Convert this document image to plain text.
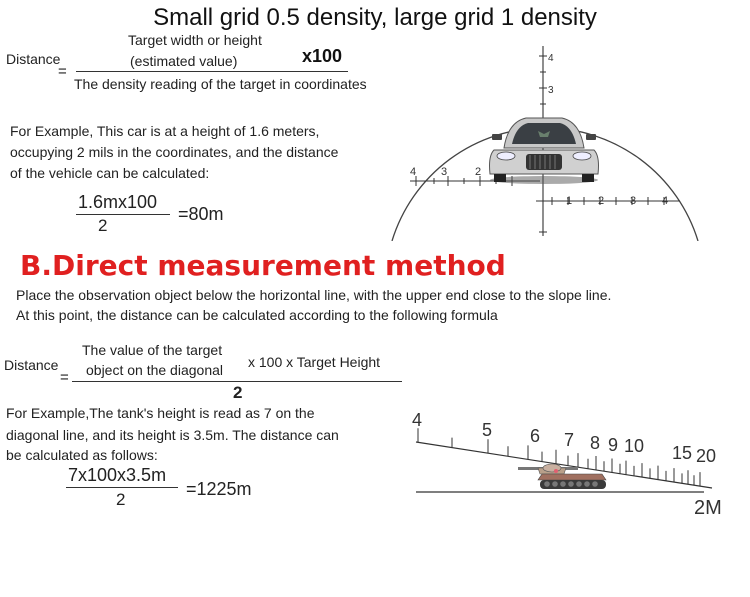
Small grid 0.5 density, large grid 1 density
Distance
=
Target width or height
(estimated value)	x100
The density reading of the target in coordinates
For Example, This car is at a height of 1.6 meters,
occupying 2 mils in the coordinates, and the distance
of the vehicle can be calculated:
1.6mx100
2
=80m
4
3
4 3	2
1 2 3 4
B.Direct measurement method
Place the observation object below the horizontal line, with the upper end close to the slope line.
At this point, the distance can be calculated according to the following formula
Distance
=
The value of the target
object on the diagonal x 100 x Target Height
2
For Example,The tank's height is read as 7 on the
diagonal line, and its height is 3.5m. The distance can
be calculated as follows:
7x100x3.5m
2
=1225m
4	5 6 7 8 9 10 15 20
2M
